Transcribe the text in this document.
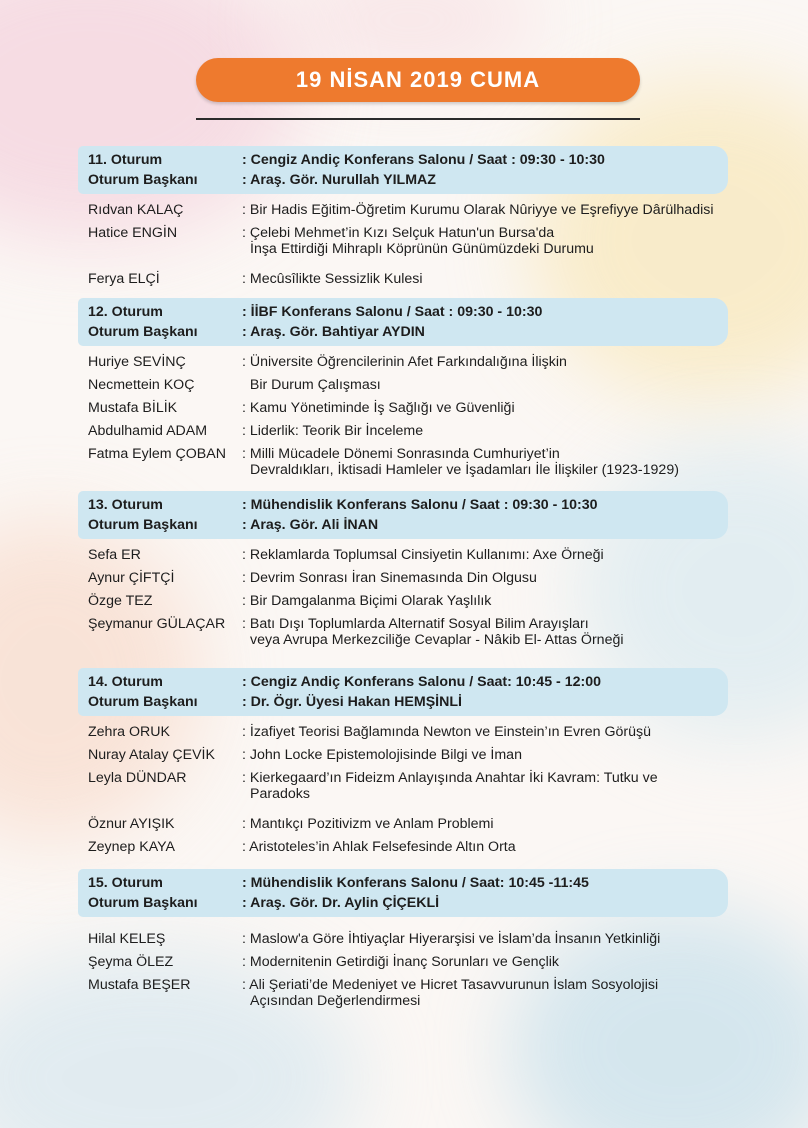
19 NİSAN 2019 CUMA
11. Oturum	: Cengiz Andiç Konferans Salonu / Saat : 09:30 - 10:30
Oturum Başkanı	: Araş. Gör. Nurullah YILMAZ
Rıdvan KALAÇ	: Bir Hadis Eğitim-Öğretim Kurumu Olarak Nûriyye ve Eşrefiyye Dârülhadisi
Hatice ENGİN	: Çelebi Mehmet’in Kızı Selçuk Hatun'un Bursa'da
İnşa Ettirdiği Mihraplı Köprünün Günümüzdeki Durumu
Ferya ELÇİ	: Mecûsîlikte Sessizlik Kulesi
12. Oturum	: İİBF Konferans Salonu / Saat : 09:30 - 10:30
Oturum Başkanı	: Araş. Gör. Bahtiyar AYDIN
Huriye SEVİNÇ	: Üniversite Öğrencilerinin Afet Farkındalığına İlişkin
Necmettein KOÇ	Bir Durum Çalışması
Mustafa BİLİK	: Kamu Yönetiminde İş Sağlığı ve Güvenliği
Abdulhamid ADAM : Liderlik: Teorik Bir İnceleme
Fatma Eylem ÇOBAN : Milli Mücadele Dönemi Sonrasında Cumhuriyet’in
Devraldıkları, İktisadi Hamleler ve İşadamları İle İlişkiler (1923-1929)
13. Oturum	: Mühendislik Konferans Salonu / Saat : 09:30 - 10:30
Oturum Başkanı	: Araş. Gör. Ali İNAN
Sefa ER	: Reklamlarda Toplumsal Cinsiyetin Kullanımı: Axe Örneği
Aynur ÇİFTÇİ	: Devrim Sonrası İran Sinemasında Din Olgusu
Özge TEZ	: Bir Damgalanma Biçimi Olarak Yaşlılık
Şeymanur GÜLAÇAR : Batı Dışı Toplumlarda Alternatif Sosyal Bilim Arayışları
veya Avrupa Merkezciliğe Cevaplar - Nâkib El- Attas Örneği
14. Oturum	: Cengiz Andiç Konferans Salonu / Saat: 10:45 - 12:00
Oturum Başkanı	: Dr. Ögr. Üyesi Hakan HEMŞİNLİ
Zehra ORUK	: İzafiyet Teorisi Bağlamında Newton ve Einstein’ın Evren Görüşü
Nuray Atalay ÇEVİK : John Locke Epistemolojisinde Bilgi ve İman
Leyla DÜNDAR	: Kierkegaard’ın Fideizm Anlayışında Anahtar İki Kavram: Tutku ve
Paradoks
Öznur AYIŞIK	: Mantıkçı Pozitivizm ve Anlam Problemi
Zeynep KAYA	: Aristoteles’in Ahlak Felsefesinde Altın Orta
15. Oturum	: Mühendislik Konferans Salonu / Saat: 10:45 -11:45
Oturum Başkanı	: Araş. Gör. Dr. Aylin ÇİÇEKLİ
Hilal KELEŞ	: Maslow'a Göre İhtiyaçlar Hiyerarşisi ve İslam’da İnsanın Yetkinliği
Şeyma ÖLEZ	: Modernitenin Getirdiği İnanç Sorunları ve Gençlik
Mustafa BEŞER	: Ali Şeriati’de Medeniyet ve Hicret Tasavvurunun İslam Sosyolojisi
Açısından Değerlendirmesi
